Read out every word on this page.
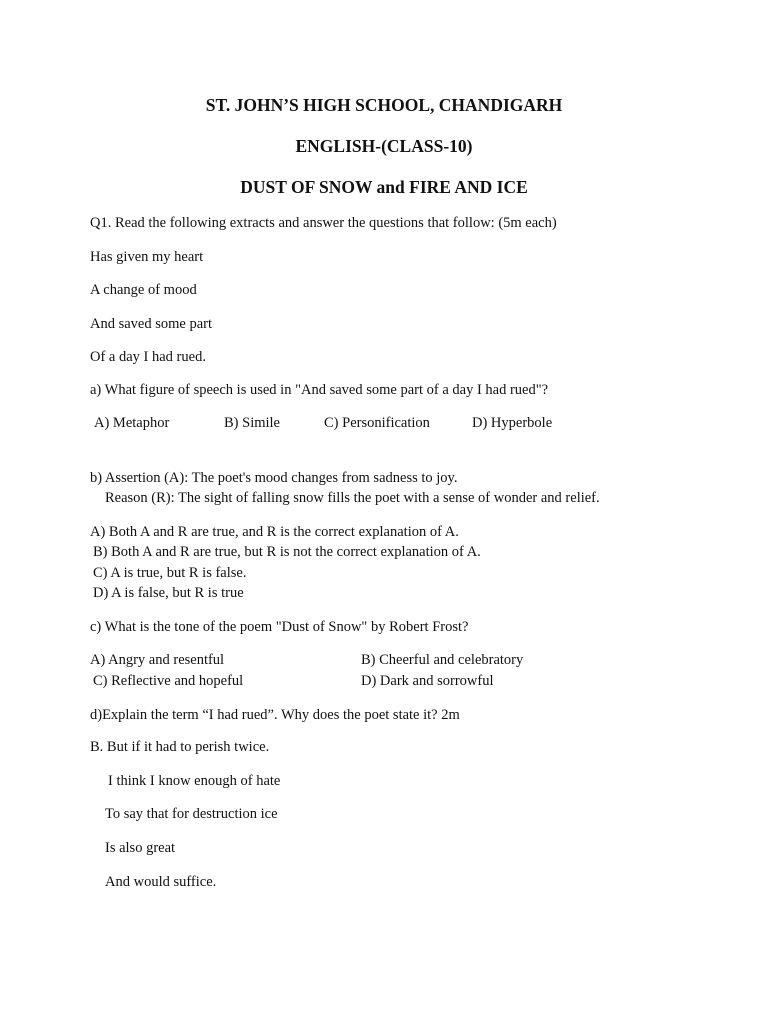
ST. JOHN’S HIGH SCHOOL, CHANDIGARH
ENGLISH-(CLASS-10)
DUST OF SNOW and FIRE AND ICE
Q1. Read the following extracts and answer the questions that follow: (5m each)
Has given my heart
A change of mood
And saved some part
Of a day I had rued.
a) What figure of speech is used in "And saved some part of a day I had rued"?
A) Metaphor	B) Simile	C) Personification	D) Hyperbole
b) Assertion (A): The poet's mood changes from sadness to joy.
Reason (R): The sight of falling snow fills the poet with a sense of wonder and relief.
A) Both A and R are true, and R is the correct explanation of A.
B) Both A and R are true, but R is not the correct explanation of A.
C) A is true, but R is false.
D) A is false, but R is true
c) What is the tone of the poem "Dust of Snow" by Robert Frost?
A) Angry and resentful	B) Cheerful and celebratory
C) Reflective and hopeful	D) Dark and sorrowful
d)Explain the term “I had rued”. Why does the poet state it? 2m
B. But if it had to perish twice.
I think I know enough of hate
To say that for destruction ice
Is also great
And would suffice.
